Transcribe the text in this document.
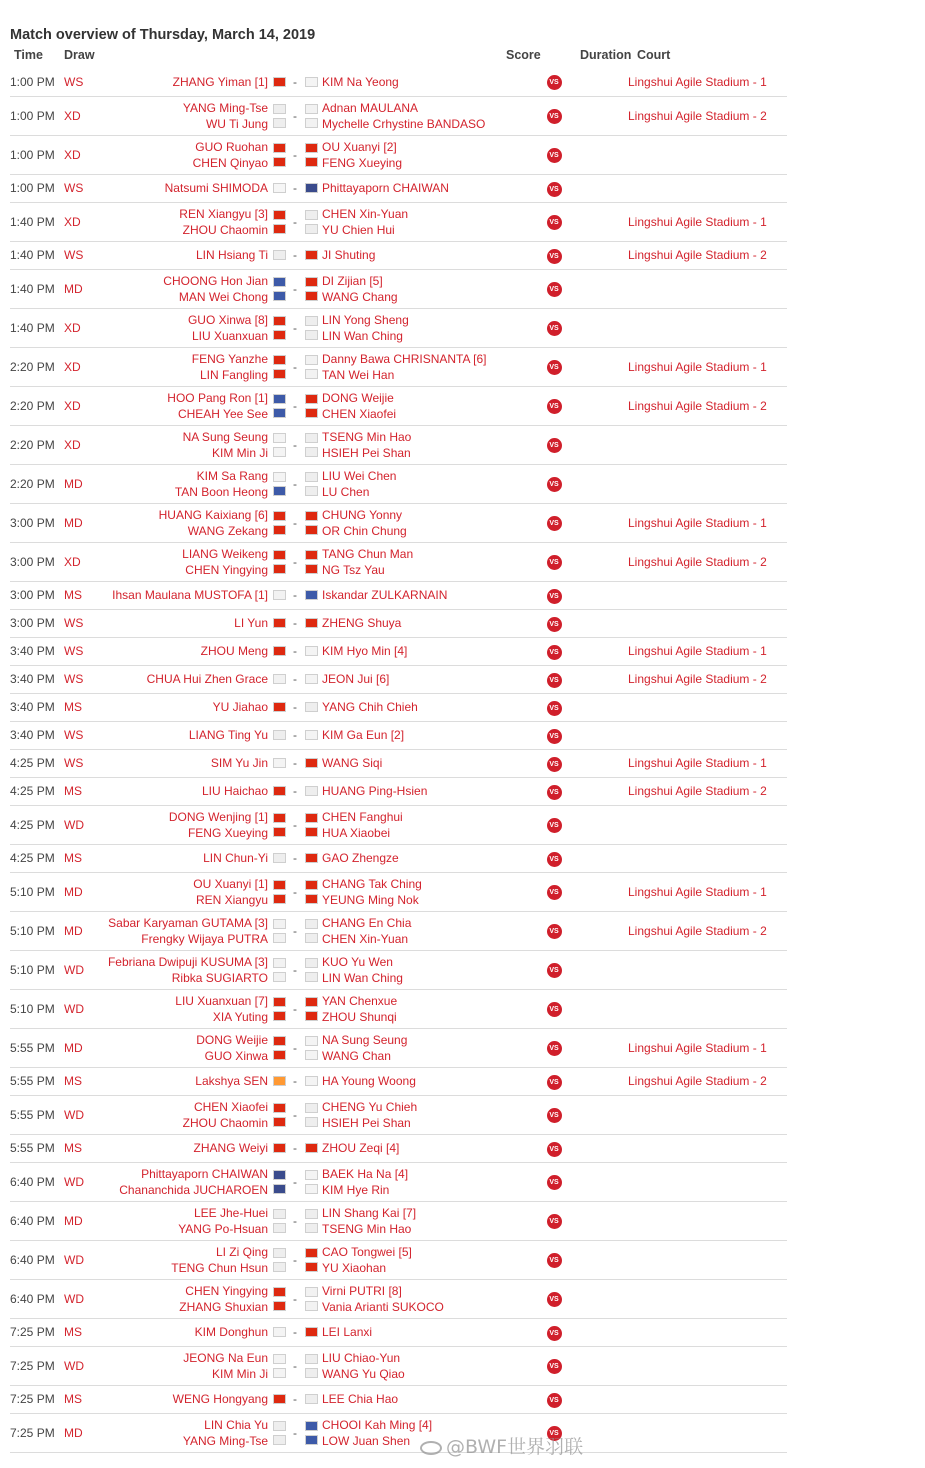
Match overview of Thursday, March 14, 2019
Time Draw	Score	Duration Court
1:00 PM	WS	ZHANG Yiman [1]		-		KIM Na Yeong	VS		Lingshui Agile Stadium - 1
1:00 PM	XD	YANG Ming-Tse
WU Ti Jung		-		Adnan MAULANA
Mychelle Crhystine BANDASO	VS		Lingshui Agile Stadium - 2
1:00 PM	XD	GUO Ruohan
CHEN Qinyao		-		OU Xuanyi [2]
FENG Xueying	VS		
1:00 PM	WS	Natsumi SHIMODA		-		Phittayaporn CHAIWAN	VS		
1:40 PM	XD	REN Xiangyu [3]
ZHOU Chaomin		-		CHEN Xin-Yuan
YU Chien Hui	VS		Lingshui Agile Stadium - 1
1:40 PM	WS	LIN Hsiang Ti		-		JI Shuting	VS		Lingshui Agile Stadium - 2
1:40 PM	MD	CHOONG Hon Jian
MAN Wei Chong		-		DI Zijian [5]
WANG Chang	VS		
1:40 PM	XD	GUO Xinwa [8]
LIU Xuanxuan		-		LIN Yong Sheng
LIN Wan Ching	VS		
2:20 PM	XD	FENG Yanzhe
LIN Fangling		-		Danny Bawa CHRISNANTA [6]
TAN Wei Han	VS		Lingshui Agile Stadium - 1
2:20 PM	XD	HOO Pang Ron [1]
CHEAH Yee See		-		DONG Weijie
CHEN Xiaofei	VS		Lingshui Agile Stadium - 2
2:20 PM	XD	NA Sung Seung
KIM Min Ji		-		TSENG Min Hao
HSIEH Pei Shan	VS		
2:20 PM	MD	KIM Sa Rang
TAN Boon Heong		-		LIU Wei Chen
LU Chen	VS		
3:00 PM	MD	HUANG Kaixiang [6]
WANG Zekang		-		CHUNG Yonny
OR Chin Chung	VS		Lingshui Agile Stadium - 1
3:00 PM	XD	LIANG Weikeng
CHEN Yingying		-		TANG Chun Man
NG Tsz Yau	VS		Lingshui Agile Stadium - 2
3:00 PM	MS	Ihsan Maulana MUSTOFA [1]		-		Iskandar ZULKARNAIN	VS		
3:00 PM	WS	LI Yun		-		ZHENG Shuya	VS		
3:40 PM	WS	ZHOU Meng		-		KIM Hyo Min [4]	VS		Lingshui Agile Stadium - 1
3:40 PM	WS	CHUA Hui Zhen Grace		-		JEON Jui [6]	VS		Lingshui Agile Stadium - 2
3:40 PM	MS	YU Jiahao		-		YANG Chih Chieh	VS		
3:40 PM	WS	LIANG Ting Yu		-		KIM Ga Eun [2]	VS		
4:25 PM	WS	SIM Yu Jin		-		WANG Siqi	VS		Lingshui Agile Stadium - 1
4:25 PM	MS	LIU Haichao		-		HUANG Ping-Hsien	VS		Lingshui Agile Stadium - 2
4:25 PM	WD	DONG Wenjing [1]
FENG Xueying		-		CHEN Fanghui
HUA Xiaobei	VS		
4:25 PM	MS	LIN Chun-Yi		-		GAO Zhengze	VS		
5:10 PM	MD	OU Xuanyi [1]
REN Xiangyu		-		CHANG Tak Ching
YEUNG Ming Nok	VS		Lingshui Agile Stadium - 1
5:10 PM	MD	Sabar Karyaman GUTAMA [3]
Frengky Wijaya PUTRA		-		CHANG En Chia
CHEN Xin-Yuan	VS		Lingshui Agile Stadium - 2
5:10 PM	WD	Febriana Dwipuji KUSUMA [3]
Ribka SUGIARTO		-		KUO Yu Wen
LIN Wan Ching	VS		
5:10 PM	WD	LIU Xuanxuan [7]
XIA Yuting		-		YAN Chenxue
ZHOU Shunqi	VS		
5:55 PM	MD	DONG Weijie
GUO Xinwa		-		NA Sung Seung
WANG Chan	VS		Lingshui Agile Stadium - 1
5:55 PM	MS	Lakshya SEN		-		HA Young Woong	VS		Lingshui Agile Stadium - 2
5:55 PM	WD	CHEN Xiaofei
ZHOU Chaomin		-		CHENG Yu Chieh
HSIEH Pei Shan	VS		
5:55 PM	MS	ZHANG Weiyi		-		ZHOU Zeqi [4]	VS		
6:40 PM	WD	Phittayaporn CHAIWAN
Chananchida JUCHAROEN		-		BAEK Ha Na [4]
KIM Hye Rin	VS		
6:40 PM	MD	LEE Jhe-Huei
YANG Po-Hsuan		-		LIN Shang Kai [7]
TSENG Min Hao	VS		
6:40 PM	WD	LI Zi Qing
TENG Chun Hsun		-		CAO Tongwei [5]
YU Xiaohan	VS		
6:40 PM	WD	CHEN Yingying
ZHANG Shuxian		-		Virni PUTRI [8]
Vania Arianti SUKOCO	VS		
7:25 PM	MS	KIM Donghun		-		LEI Lanxi	VS		
7:25 PM	WD	JEONG Na Eun
KIM Min Ji		-		LIU Chiao-Yun
WANG Yu Qiao	VS		
7:25 PM	MS	WENG Hongyang		-		LEE Chia Hao	VS		
7:25 PM	MD	LIN Chia Yu
YANG Ming-Tse		-		CHOOI Kah Ming [4]
LOW Juan Shen	VS		
@BWF世界羽联
